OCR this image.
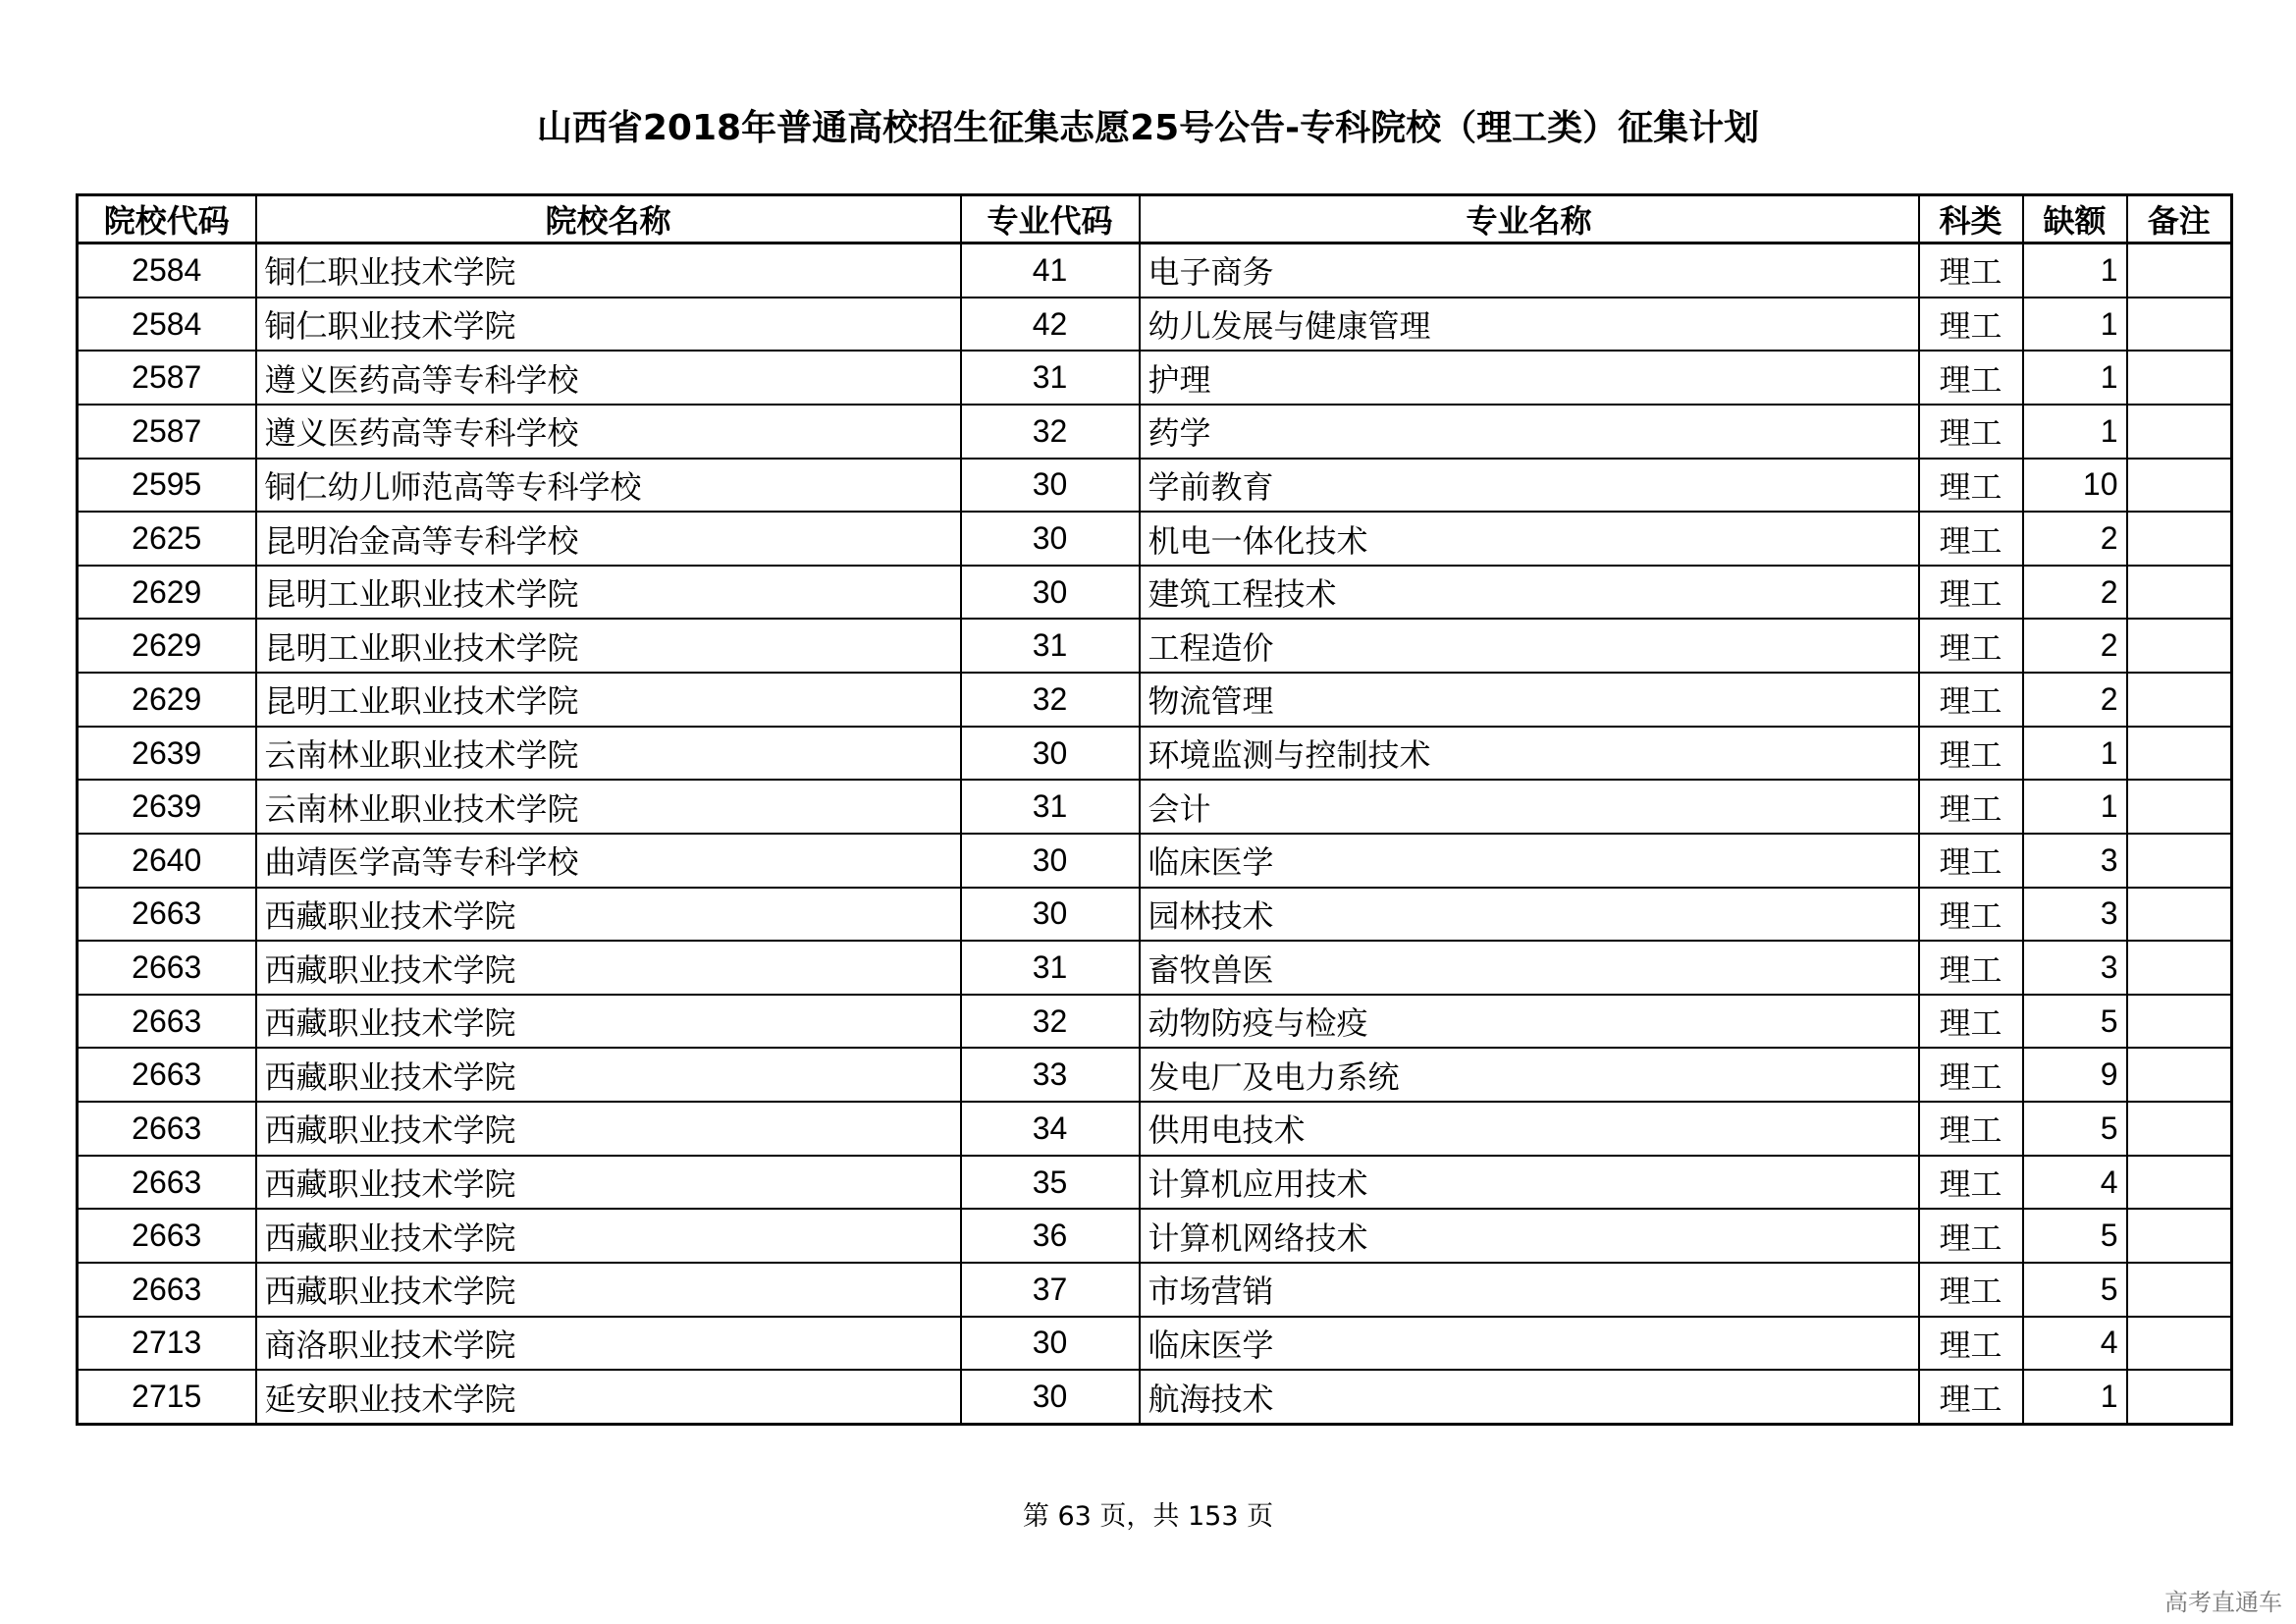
山西省2018年普通高校招生征集志愿25号公告-专科院校（理工类）征集计划
院校代码	院校名称	专业代码	专业名称	科类	缺额	备注
2584	铜仁职业技术学院	41	电子商务	理工	1	
2584	铜仁职业技术学院	42	幼儿发展与健康管理	理工	1	
2587	遵义医药高等专科学校	31	护理	理工	1	
2587	遵义医药高等专科学校	32	药学	理工	1	
2595	铜仁幼儿师范高等专科学校	30	学前教育	理工	10	
2625	昆明冶金高等专科学校	30	机电一体化技术	理工	2	
2629	昆明工业职业技术学院	30	建筑工程技术	理工	2	
2629	昆明工业职业技术学院	31	工程造价	理工	2	
2629	昆明工业职业技术学院	32	物流管理	理工	2	
2639	云南林业职业技术学院	30	环境监测与控制技术	理工	1	
2639	云南林业职业技术学院	31	会计	理工	1	
2640	曲靖医学高等专科学校	30	临床医学	理工	3	
2663	西藏职业技术学院	30	园林技术	理工	3	
2663	西藏职业技术学院	31	畜牧兽医	理工	3	
2663	西藏职业技术学院	32	动物防疫与检疫	理工	5	
2663	西藏职业技术学院	33	发电厂及电力系统	理工	9	
2663	西藏职业技术学院	34	供用电技术	理工	5	
2663	西藏职业技术学院	35	计算机应用技术	理工	4	
2663	西藏职业技术学院	36	计算机网络技术	理工	5	
2663	西藏职业技术学院	37	市场营销	理工	5	
2713	商洛职业技术学院	30	临床医学	理工	4	
2715	延安职业技术学院	30	航海技术	理工	1	
第 63 页，共 153 页
高考直通车
